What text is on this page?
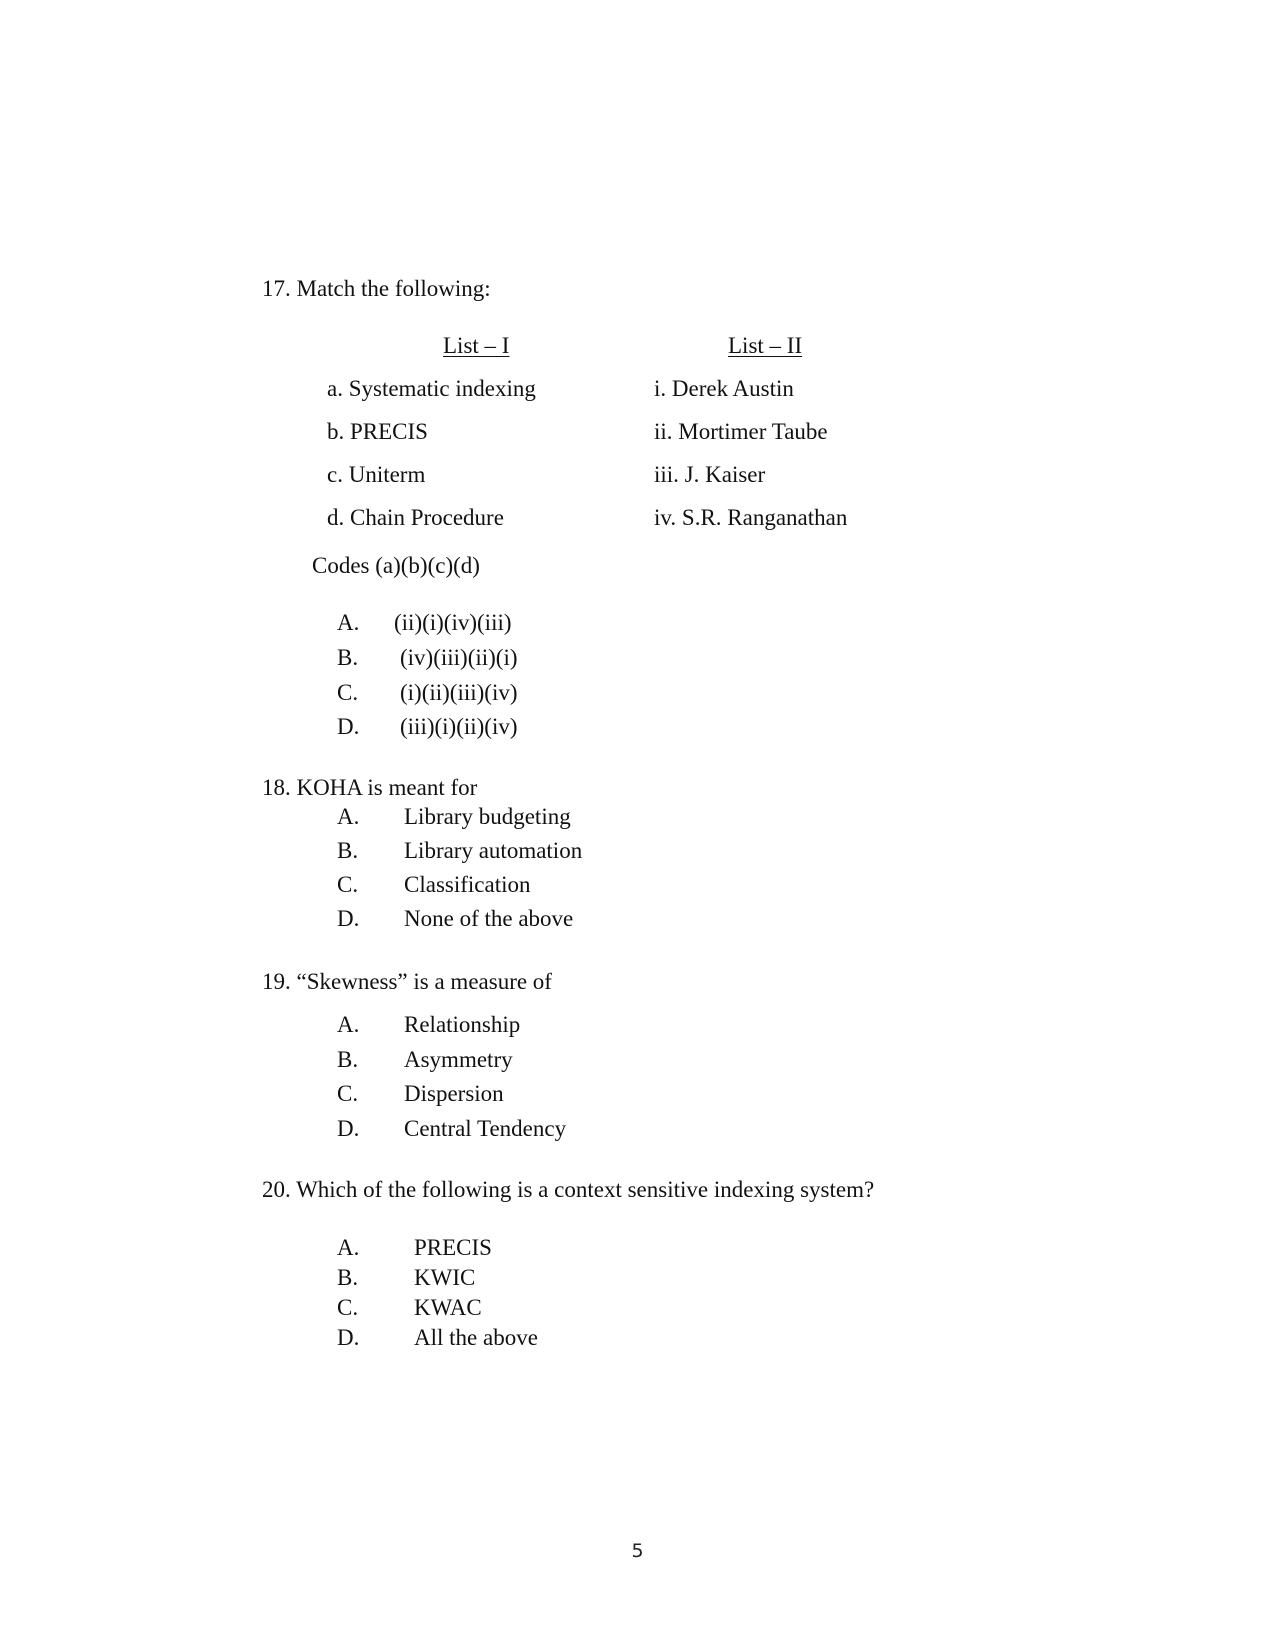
17. Match the following:
List – I	List – II
a. Systematic indexing
b. PRECIS
c. Uniterm
d. Chain Procedure
i. Derek Austin
ii. Mortimer Taube
iii. J. Kaiser
iv. S.R. Ranganathan
Codes (a)(b)(c)(d)
A. (ii)(i)(iv)(iii)
B. (iv)(iii)(ii)(i)
C. (i)(ii)(iii)(iv)
D. (iii)(i)(ii)(iv)
18. KOHA is meant for
A. Library budgeting
B. Library automation
C. Classification
D. None of the above
19. “Skewness” is a measure of
A. Relationship
B. Asymmetry
C. Dispersion
D. Central Tendency
20. Which of the following is a context sensitive indexing system?
A. PRECIS
B. KWIC
C. KWAC
D. All the above
5
